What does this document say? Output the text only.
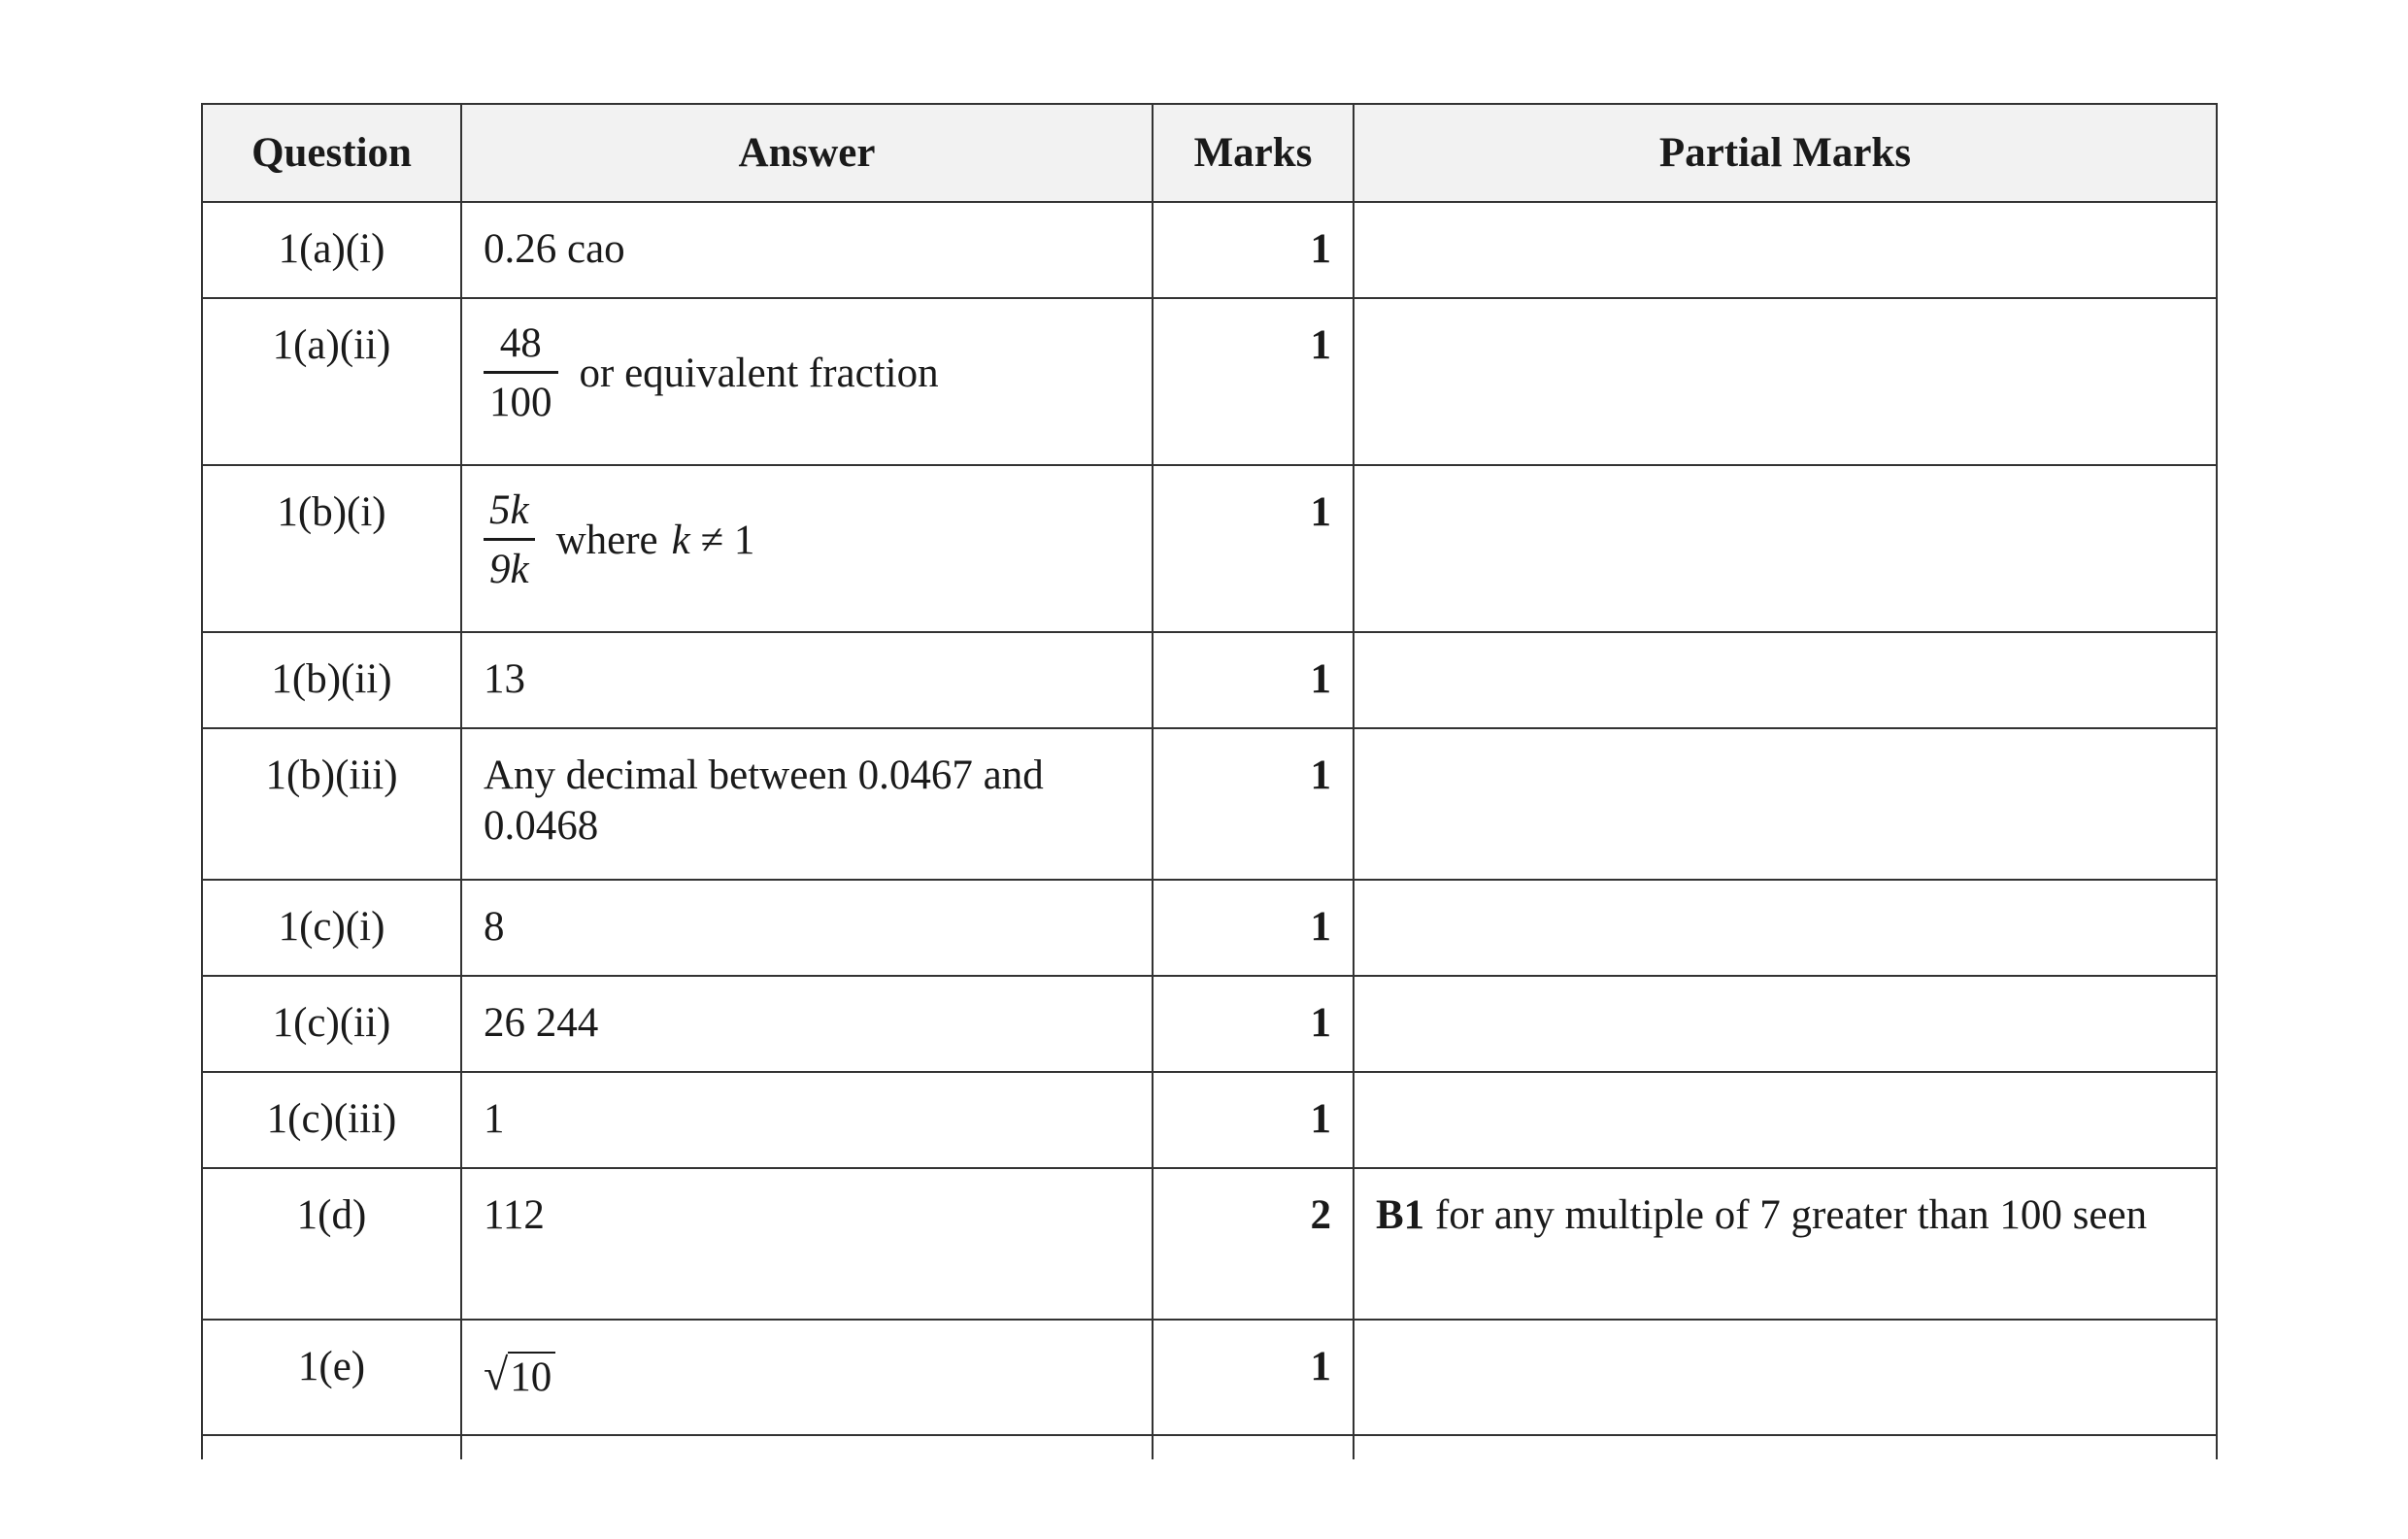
Question	Answer	Marks	Partial Marks
1(a)(i)	0.26 cao	1	
1(a)(ii)	$\frac{48}{100}$ or equivalent fraction	1	
1(b)(i)	$\frac{5k}{9k}$ where k ≠ 1	1	
1(b)(ii)	13	1	
1(b)(iii)	Any decimal between 0.0467 and 0.0468	1	
1(c)(i)	8	1	
1(c)(ii)	26 244	1	
1(c)(iii)	1	1	
1(d)	112	2	B1 for any multiple of 7 greater than 100 seen
1(e)	√ 10	1	
